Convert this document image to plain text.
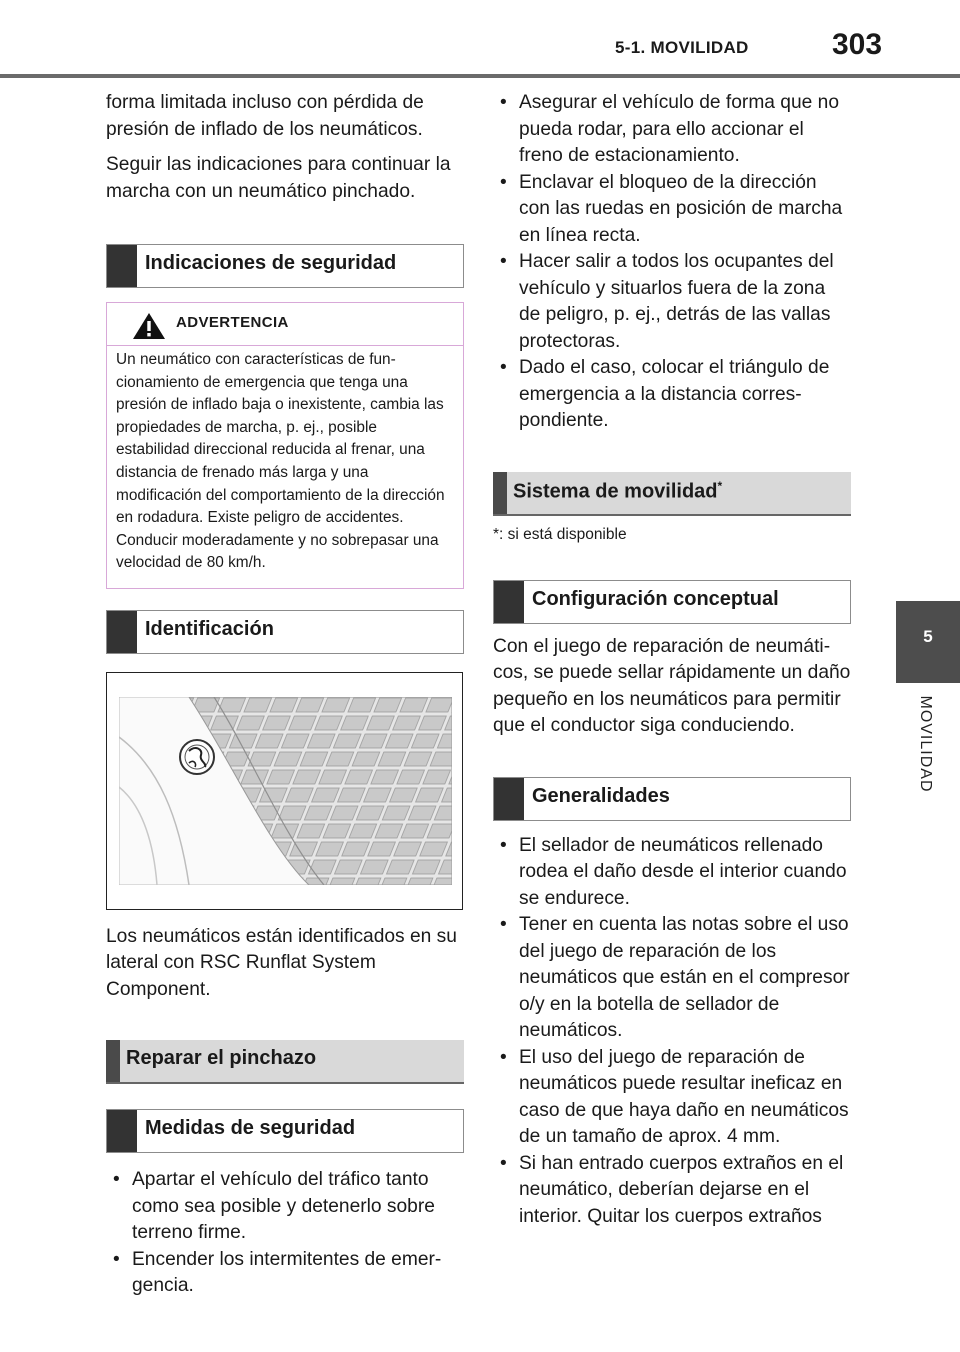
5-1. MOVILIDAD	303
5
MOVILIDAD

forma limitada incluso con pérdida de presión de inflado de los neumáticos.

Seguir las indicaciones para continuar la marcha con un neumático pinchado.

Indicaciones de seguridad
ADVERTENCIA
Un neumático con características de funcionamiento de emergencia que tenga una presión de inflado baja o inexistente, cambia las propiedades de marcha, p. ej., posible estabilidad direccional reducida al frenar, una distancia de frenado más larga y una modificación del comportamiento de la dirección en rodadura. Existe peligro de accidentes. Conducir moderadamente y no sobrepasar una velocidad de 80 km/h.
Identificación

Los neumáticos están identificados en su lateral con RSC Runflat System Component.

Reparar el pinchazo
Medidas de seguridad
• Apartar el vehículo del tráfico tanto como sea posible y detenerlo sobre terreno firme.
• Encender los intermitentes de emergencia.
• Asegurar el vehículo de forma que no pueda rodar, para ello accionar el freno de estacionamiento.
• Enclavar el bloqueo de la dirección con las ruedas en posición de marcha en línea recta.
• Hacer salir a todos los ocupantes del vehículo y situarlos fuera de la zona de peligro, p. ej., detrás de las vallas protectoras.
• Dado el caso, colocar el triángulo de emergencia a la distancia correspondiente.
Sistema de movilidad*
*: si está disponible
Configuración conceptual

Con el juego de reparación de neumáticos, se puede sellar rápidamente un daño pequeño en los neumáticos para permitir que el conductor siga conduciendo.

Generalidades
• El sellador de neumáticos rellenado rodea el daño desde el interior cuando se endurece.
• Tener en cuenta las notas sobre el uso del juego de reparación de los neumáticos que están en el compresor o/y en la botella de sellador de neumáticos.
• El uso del juego de reparación de neumáticos puede resultar ineficaz en caso de que haya daño en neumáticos de un tamaño de aprox. 4 mm.
• Si han entrado cuerpos extraños en el neumático, deberían dejarse en el interior. Quitar los cuerpos extraños
